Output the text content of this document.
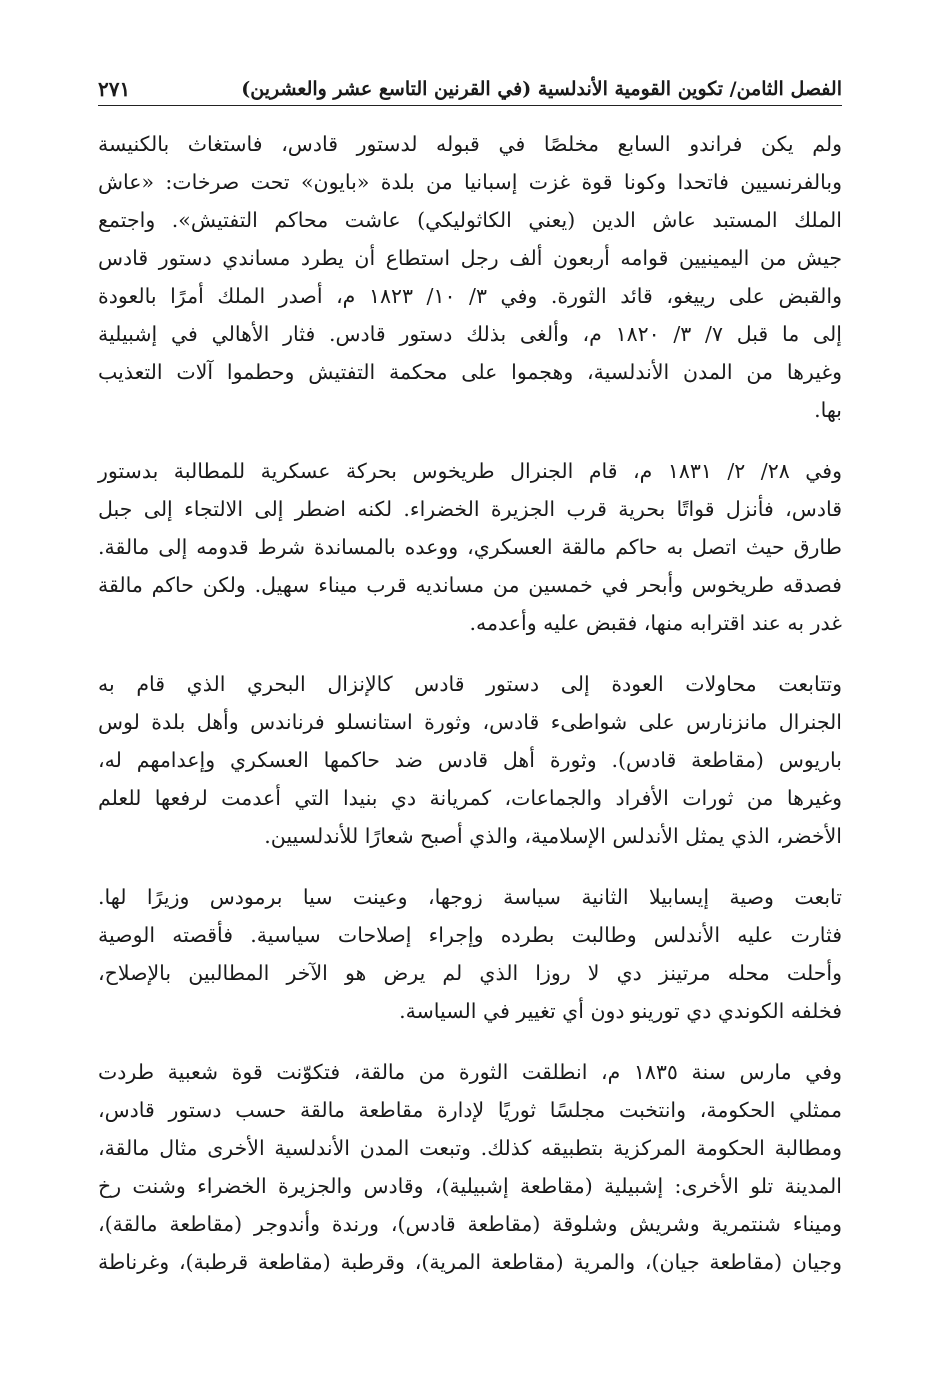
الفصل الثامن/ تكوين القومية الأندلسية (في القرنين التاسع عشر والعشرين)
٢٧١
ولم يكن فراندو السابع مخلصًا في قبوله لدستور قادس، فاستغاث بالكنيسة
وبالفرنسيين فاتحدا وكونا قوة غزت إسبانيا من بلدة «بايون» تحت صرخات: «عاش
الملك المستبد عاش الدين (يعني الكاثوليكي) عاشت محاكم التفتيش». واجتمع
جيش من اليمينيين قوامه أربعون ألف رجل استطاع أن يطرد مساندي دستور قادس
والقبض على رييغو، قائد الثورة. وفي ٣/ ١٠/ ١٨٢٣ م، أصدر الملك أمرًا بالعودة
إلى ما قبل ٧/ ٣/ ١٨٢٠ م، وألغى بذلك دستور قادس. فثار الأهالي في إشبيلية
وغيرها من المدن الأندلسية، وهجموا على محكمة التفتيش وحطموا آلات التعذيب
بها.
وفي ٢٨/ ٢/ ١٨٣١ م، قام الجنرال طريخوس بحركة عسكرية للمطالبة بدستور
قادس، فأنزل قواتًا بحرية قرب الجزيرة الخضراء. لكنه اضطر إلى الالتجاء إلى جبل
طارق حيث اتصل به حاكم مالقة العسكري، ووعده بالمساندة شرط قدومه إلى مالقة.
فصدقه طريخوس وأبحر في خمسين من مسانديه قرب ميناء سهيل. ولكن حاكم مالقة
غدر به عند اقترابه منها، فقبض عليه وأعدمه.
وتتابعت محاولات العودة إلى دستور قادس كالإنزال البحري الذي قام به
الجنرال مانزنارس على شواطىء قادس، وثورة استانسلو فرناندس وأهل بلدة لوس
باريوس (مقاطعة قادس). وثورة أهل قادس ضد حاكمها العسكري وإعدامهم له،
وغيرها من ثورات الأفراد والجماعات، كمريانة دي بنيدا التي أعدمت لرفعها للعلم
الأخضر، الذي يمثل الأندلس الإسلامية، والذي أصبح شعارًا للأندلسيين.
تابعت وصية إيسابيلا الثانية سياسة زوجها، وعينت سيا برمودس وزيرًا لها.
فثارت عليه الأندلس وطالبت بطرده وإجراء إصلاحات سياسية. فأقصته الوصية
وأحلت محله مرتينز دي لا روزا الذي لم يرض هو الآخر المطالبين بالإصلاح،
فخلفه الكوندي دي تورينو دون أي تغيير في السياسة.
وفي مارس سنة ١٨٣٥ م، انطلقت الثورة من مالقة، فتكوّنت قوة شعبية طردت
ممثلي الحكومة، وانتخبت مجلسًا ثوريًا لإدارة مقاطعة مالقة حسب دستور قادس،
ومطالبة الحكومة المركزية بتطبيقه كذلك. وتبعت المدن الأندلسية الأخرى مثال مالقة،
المدينة تلو الأخرى: إشبيلية (مقاطعة إشبيلية)، وقادس والجزيرة الخضراء وشنت رخ
وميناء شنتمرية وشريش وشلوقة (مقاطعة قادس)، ورندة وأندوجر (مقاطعة مالقة)،
وجيان (مقاطعة جيان)، والمرية (مقاطعة المرية)، وقرطبة (مقاطعة قرطبة)، وغرناطة
